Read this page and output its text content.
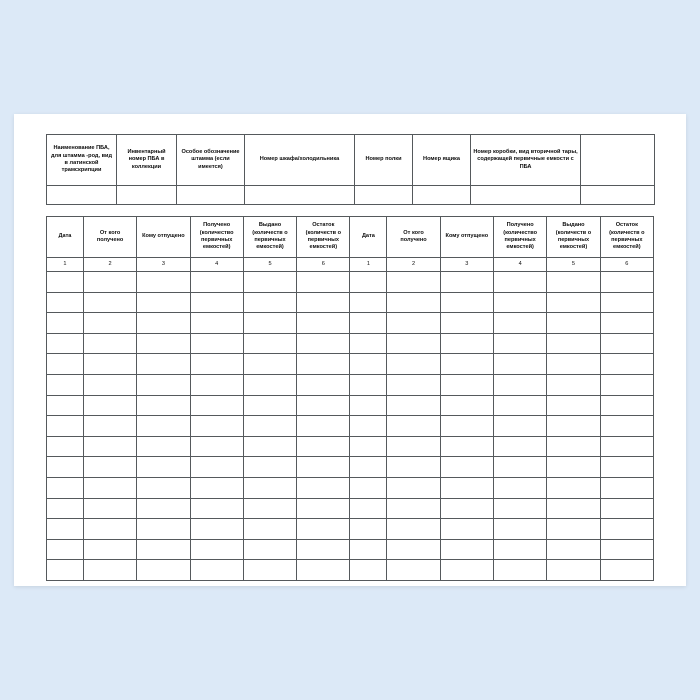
Наименование ПБА, для штамма -род, вид в латинской трамскрипции	Инвентарный номер ПБА в коллекции	Особое обозначение штамма (если имеется)	Номер шкафа/холодильника	Номер полки	Номер ящика	Номер коробки, вид вторичной тары, содержащей первичные емкости с ПБА	

Дата	От кого получено	Кому отпущено	Получено (количество первичных емкостей)	Выдано (количеств о первичных емкостей)	Остаток (количеств о первичных емкостей)	Дата	От кого получено	Кому отпущено	Получено (количество первичных емкостей)	Выдано (количеств о первичных емкостей)	Остаток (количеств о первичных емкостей)
1	2	3	4	5	6	1	2	3	4	5	6
